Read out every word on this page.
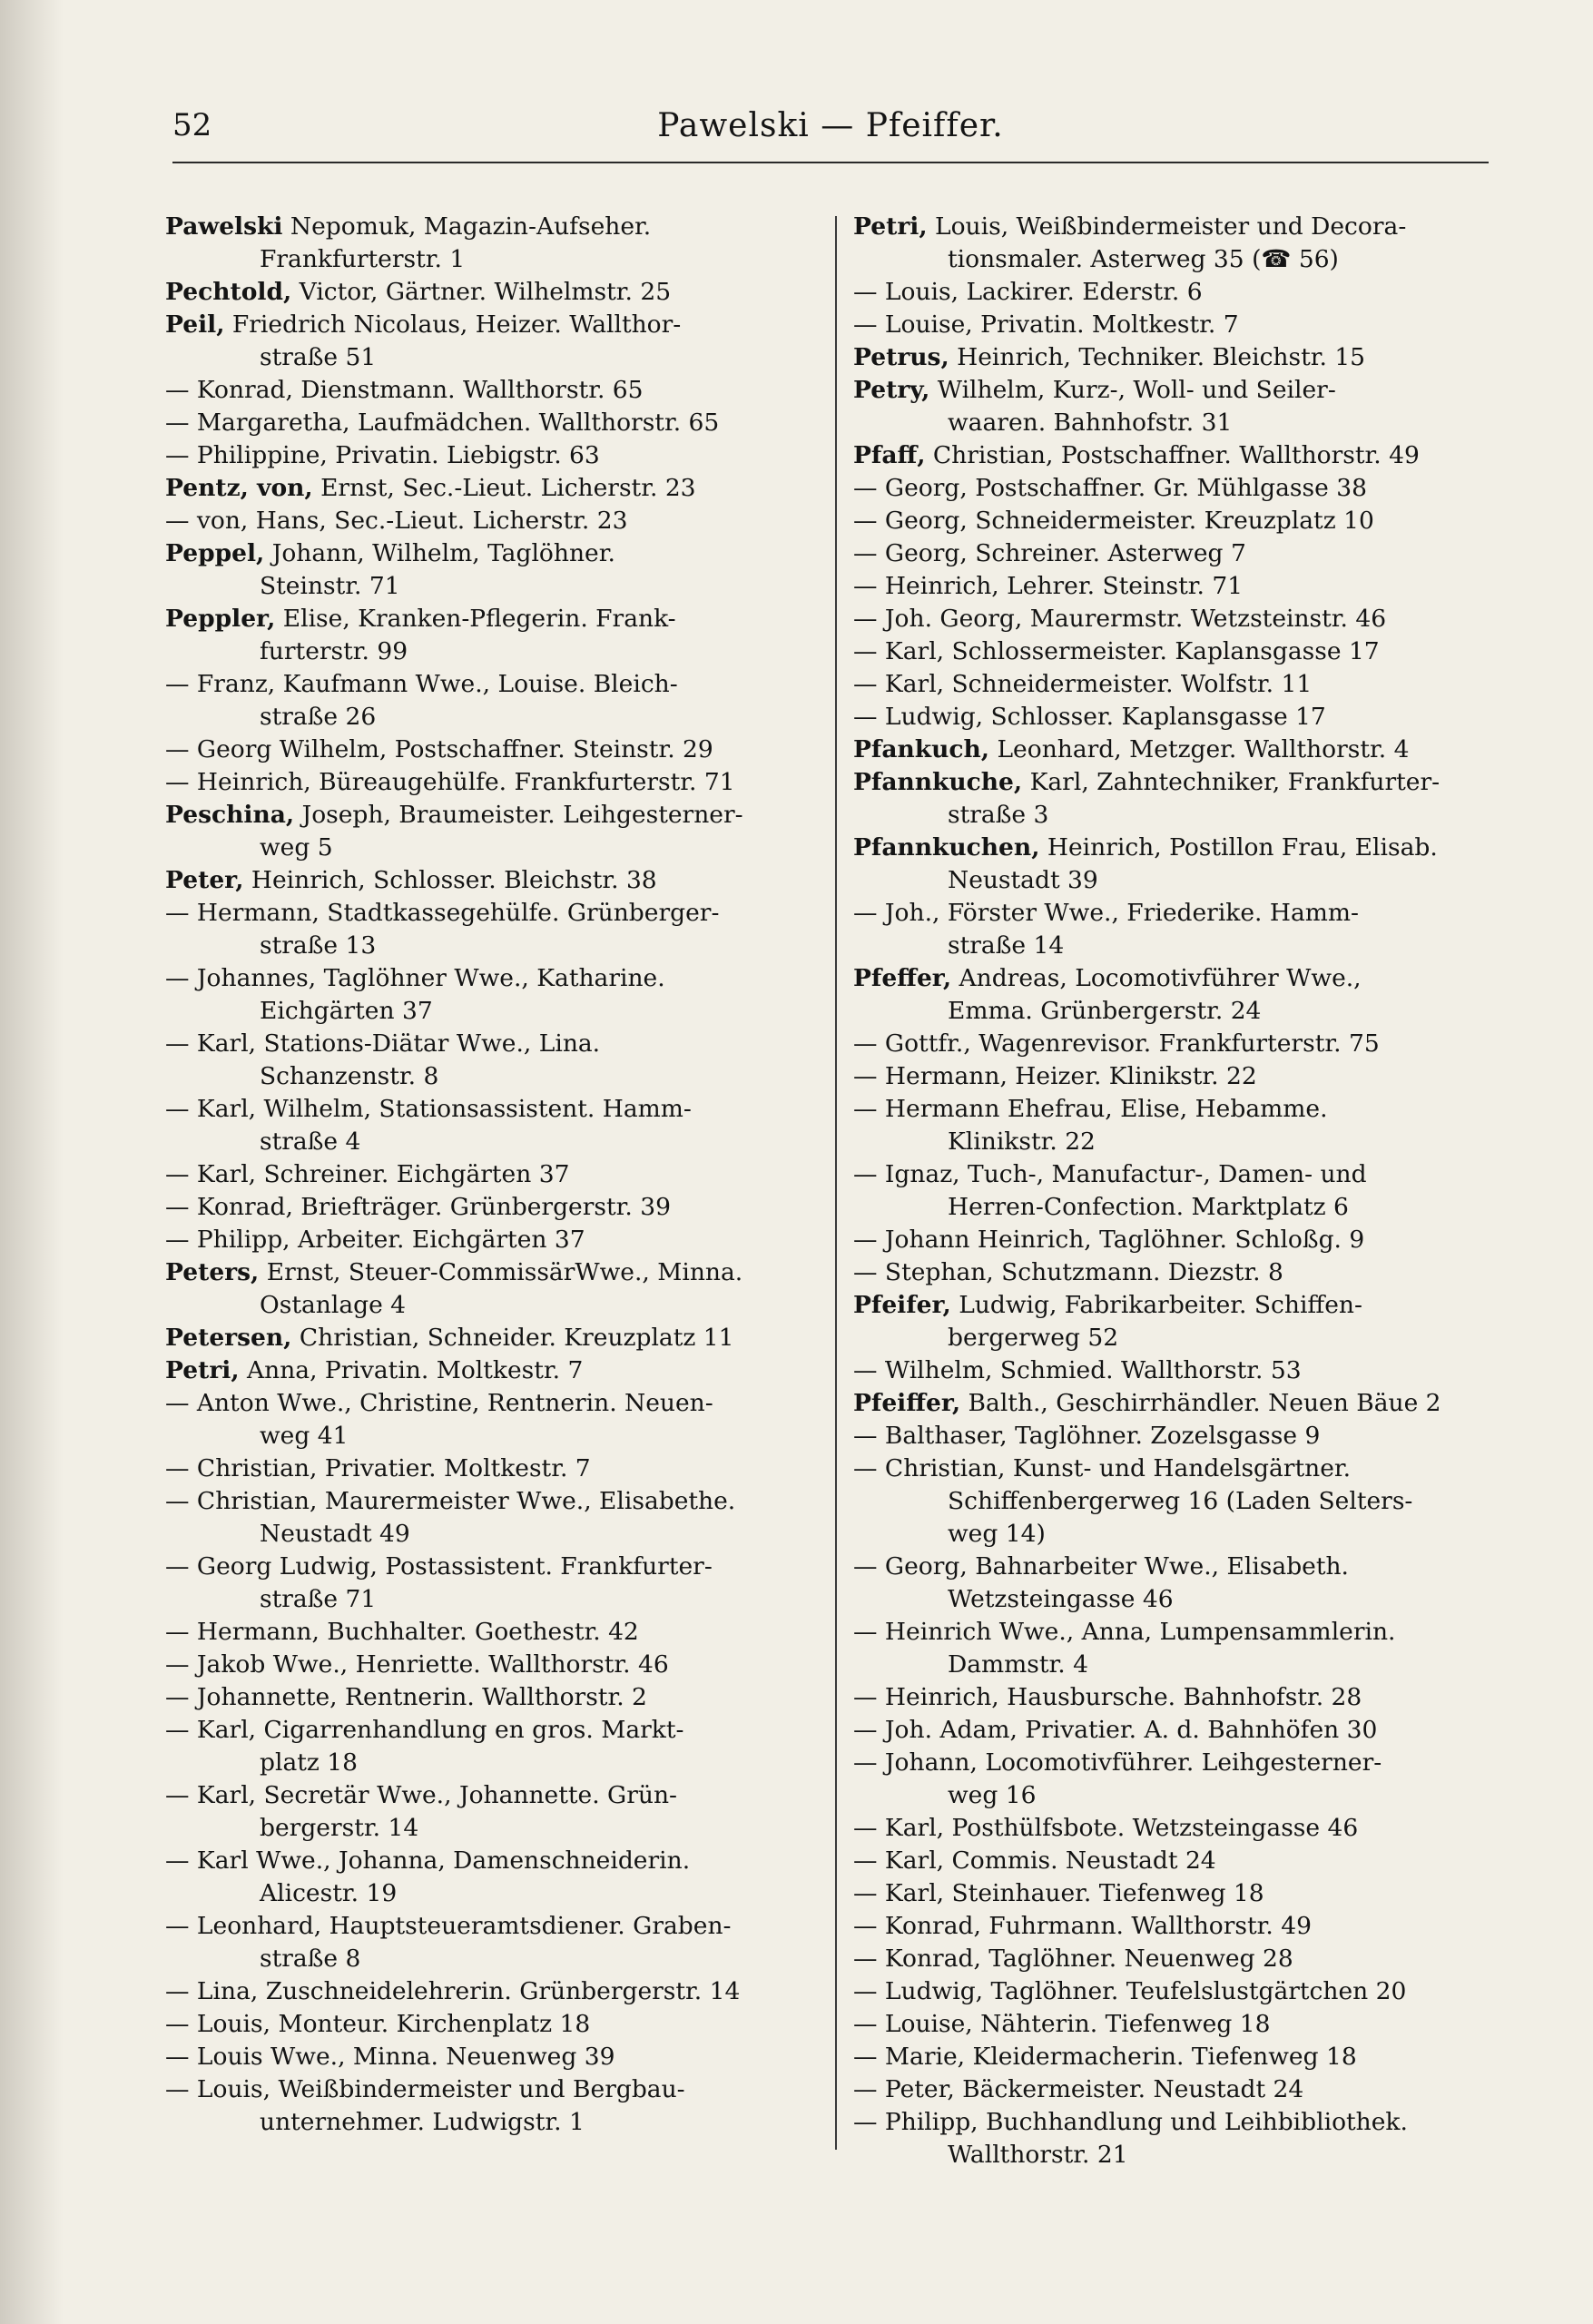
52	Pawelski — Pfeiffer.
Pawelski Nepomuk, Magazin-Aufseher.
Frankfurterstr. 1
Pechtold, Victor, Gärtner. Wilhelmstr. 25
Peil, Friedrich Nicolaus, Heizer. Wallthor-
straße 51
— Konrad, Dienstmann. Wallthorstr. 65
— Margaretha, Laufmädchen. Wallthorstr. 65
— Philippine, Privatin. Liebigstr. 63
Pentz, von, Ernst, Sec.-Lieut. Licherstr. 23
— von, Hans, Sec.-Lieut. Licherstr. 23
Peppel, Johann, Wilhelm, Taglöhner.
Steinstr. 71
Peppler, Elise, Kranken-Pflegerin. Frank-
furterstr. 99
— Franz, Kaufmann Wwe., Louise. Bleich-
straße 26
— Georg Wilhelm, Postschaffner. Steinstr. 29
— Heinrich, Büreaugehülfe. Frankfurterstr. 71
Peschina, Joseph, Braumeister. Leihgesterner-
weg 5
Peter, Heinrich, Schlosser. Bleichstr. 38
— Hermann, Stadtkassegehülfe. Grünberger-
straße 13
— Johannes, Taglöhner Wwe., Katharine.
Eichgärten 37
— Karl, Stations-Diätar Wwe., Lina.
Schanzenstr. 8
— Karl, Wilhelm, Stationsassistent. Hamm-
straße 4
— Karl, Schreiner. Eichgärten 37
— Konrad, Briefträger. Grünbergerstr. 39
— Philipp, Arbeiter. Eichgärten 37
Peters, Ernst, Steuer-CommissärWwe., Minna.
Ostanlage 4
Petersen, Christian, Schneider. Kreuzplatz 11
Petri, Anna, Privatin. Moltkestr. 7
— Anton Wwe., Christine, Rentnerin. Neuen-
weg 41
— Christian, Privatier. Moltkestr. 7
— Christian, Maurermeister Wwe., Elisabethe.
Neustadt 49
— Georg Ludwig, Postassistent. Frankfurter-
straße 71
— Hermann, Buchhalter. Goethestr. 42
— Jakob Wwe., Henriette. Wallthorstr. 46
— Johannette, Rentnerin. Wallthorstr. 2
— Karl, Cigarrenhandlung en gros. Markt-
platz 18
— Karl, Secretär Wwe., Johannette. Grün-
bergerstr. 14
— Karl Wwe., Johanna, Damenschneiderin.
Alicestr. 19
— Leonhard, Hauptsteueramtsdiener. Graben-
straße 8
— Lina, Zuschneidelehrerin. Grünbergerstr. 14
— Louis, Monteur. Kirchenplatz 18
— Louis Wwe., Minna. Neuenweg 39
— Louis, Weißbindermeister und Bergbau-
unternehmer. Ludwigstr. 1
Petri, Louis, Weißbindermeister und Decora-
tionsmaler. Asterweg 35 (☎ 56)
— Louis, Lackirer. Ederstr. 6
— Louise, Privatin. Moltkestr. 7
Petrus, Heinrich, Techniker. Bleichstr. 15
Petry, Wilhelm, Kurz-, Woll- und Seiler-
waaren. Bahnhofstr. 31
Pfaff, Christian, Postschaffner. Wallthorstr. 49
— Georg, Postschaffner. Gr. Mühlgasse 38
— Georg, Schneidermeister. Kreuzplatz 10
— Georg, Schreiner. Asterweg 7
— Heinrich, Lehrer. Steinstr. 71
— Joh. Georg, Maurermstr. Wetzsteinstr. 46
— Karl, Schlossermeister. Kaplansgasse 17
— Karl, Schneidermeister. Wolfstr. 11
— Ludwig, Schlosser. Kaplansgasse 17
Pfankuch, Leonhard, Metzger. Wallthorstr. 4
Pfannkuche, Karl, Zahntechniker, Frankfurter-
straße 3
Pfannkuchen, Heinrich, Postillon Frau, Elisab.
Neustadt 39
— Joh., Förster Wwe., Friederike. Hamm-
straße 14
Pfeffer, Andreas, Locomotivführer Wwe.,
Emma. Grünbergerstr. 24
— Gottfr., Wagenrevisor. Frankfurterstr. 75
— Hermann, Heizer. Klinikstr. 22
— Hermann Ehefrau, Elise, Hebamme.
Klinikstr. 22
— Ignaz, Tuch-, Manufactur-, Damen- und
Herren-Confection. Marktplatz 6
— Johann Heinrich, Taglöhner. Schloßg. 9
— Stephan, Schutzmann. Diezstr. 8
Pfeifer, Ludwig, Fabrikarbeiter. Schiffen-
bergerweg 52
— Wilhelm, Schmied. Wallthorstr. 53
Pfeiffer, Balth., Geschirrhändler. Neuen Bäue 2
— Balthaser, Taglöhner. Zozelsgasse 9
— Christian, Kunst- und Handelsgärtner.
Schiffenbergerweg 16 (Laden Selters-
weg 14)
— Georg, Bahnarbeiter Wwe., Elisabeth.
Wetzsteingasse 46
— Heinrich Wwe., Anna, Lumpensammlerin.
Dammstr. 4
— Heinrich, Hausbursche. Bahnhofstr. 28
— Joh. Adam, Privatier. A. d. Bahnhöfen 30
— Johann, Locomotivführer. Leihgesterner-
weg 16
— Karl, Posthülfsbote. Wetzsteingasse 46
— Karl, Commis. Neustadt 24
— Karl, Steinhauer. Tiefenweg 18
— Konrad, Fuhrmann. Wallthorstr. 49
— Konrad, Taglöhner. Neuenweg 28
— Ludwig, Taglöhner. Teufelslustgärtchen 20
— Louise, Nähterin. Tiefenweg 18
— Marie, Kleidermacherin. Tiefenweg 18
— Peter, Bäckermeister. Neustadt 24
— Philipp, Buchhandlung und Leihbibliothek.
Wallthorstr. 21
